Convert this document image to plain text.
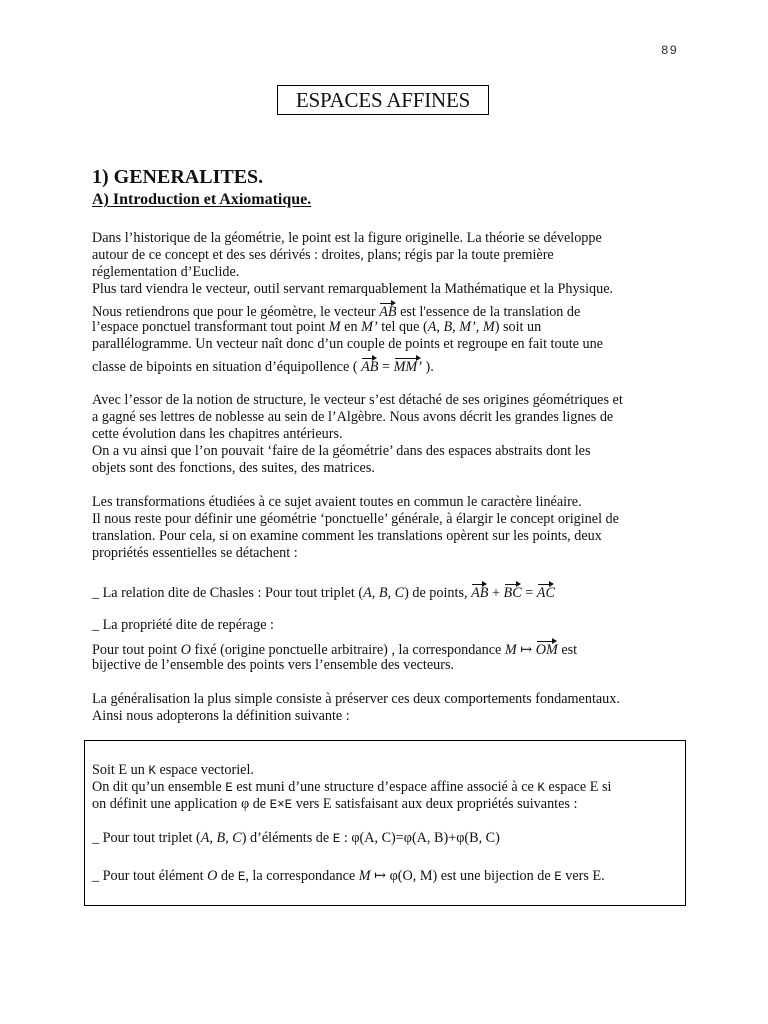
89
ESPACES AFFINES
1) GENERALITES.
A) Introduction et Axiomatique.
Dans l’historique de la géométrie, le point est la figure originelle. La théorie se développe
autour de ce concept et des ses dérivés : droites, plans; régis par la toute première
réglementation d’Euclide.
Plus tard viendra le vecteur, outil servant remarquablement la Mathématique et la Physique.
Nous retiendrons que pour le géomètre, le vecteur AB est l'essence de la translation de
l’espace ponctuel transformant tout point M en M’ tel que (A, B, M’, M) soit un
parallélogramme. Un vecteur naît donc d’un couple de points et regroupe en fait toute une
classe de bipoints en situation d’équipollence ( AB = MM’ ).
Avec l’essor de la notion de structure, le vecteur s’est détaché de ses origines géométriques et
a gagné ses lettres de noblesse au sein de l’Algèbre. Nous avons décrit les grandes lignes de
cette évolution dans les chapitres antérieurs.
On a vu ainsi que l’on pouvait ‘faire de la géométrie’ dans des espaces abstraits dont les
objets sont des fonctions, des suites, des matrices.
Les transformations étudiées à ce sujet avaient toutes en commun le caractère linéaire.
Il nous reste pour définir une géométrie ‘ponctuelle’ générale, à élargir le concept originel de
translation. Pour cela, si on examine comment les translations opèrent sur les points, deux
propriétés essentielles se détachent :
_ La relation dite de Chasles : Pour tout triplet (A, B, C) de points, AB + BC = AC
_ La propriété dite de repérage :
Pour tout point O fixé (origine ponctuelle arbitraire) , la correspondance M ↦ OM est
bijective de l’ensemble des points vers l’ensemble des vecteurs.
La généralisation la plus simple consiste à préserver ces deux comportements fondamentaux.
Ainsi nous adopterons la définition suivante :
Soit E un K espace vectoriel.
On dit qu’un ensemble E est muni d’une structure d’espace affine associé à ce K espace E si
on définit une application φ de E×E vers E satisfaisant aux deux propriétés suivantes :
_ Pour tout triplet (A, B, C) d’éléments de E : φ(A, C)=φ(A, B)+φ(B, C)
_ Pour tout élément O de E, la correspondance M ↦ φ(O, M) est une bijection de E vers E.
